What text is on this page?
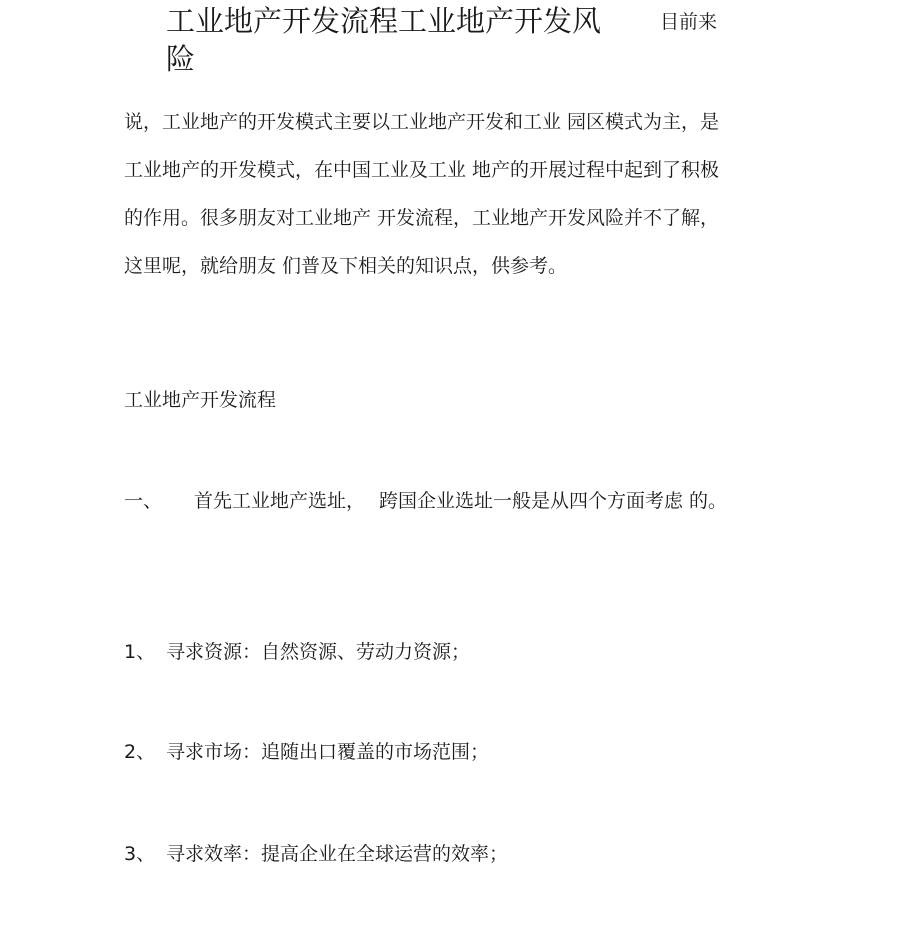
工业地产开发流程工业地产开发风险
目前来

说，工业地产的开发模式主要以工业地产开发和工业 园区模式为主，是工业地产的开发模式，在中国工业及工业 地产的开展过程中起到了积极的作用。很多朋友对工业地产 开发流程，工业地产开发风险并不了解，这里呢，就给朋友 们普及下相关的知识点，供参考。

工业地产开发流程

一、 首先工业地产选址， 跨国企业选址一般是从四个方面考虑 的。

1、 寻求资源：自然资源、劳动力资源；

2、 寻求市场：追随出口覆盖的市场范围；

3、 寻求效率：提高企业在全球运营的效率；
